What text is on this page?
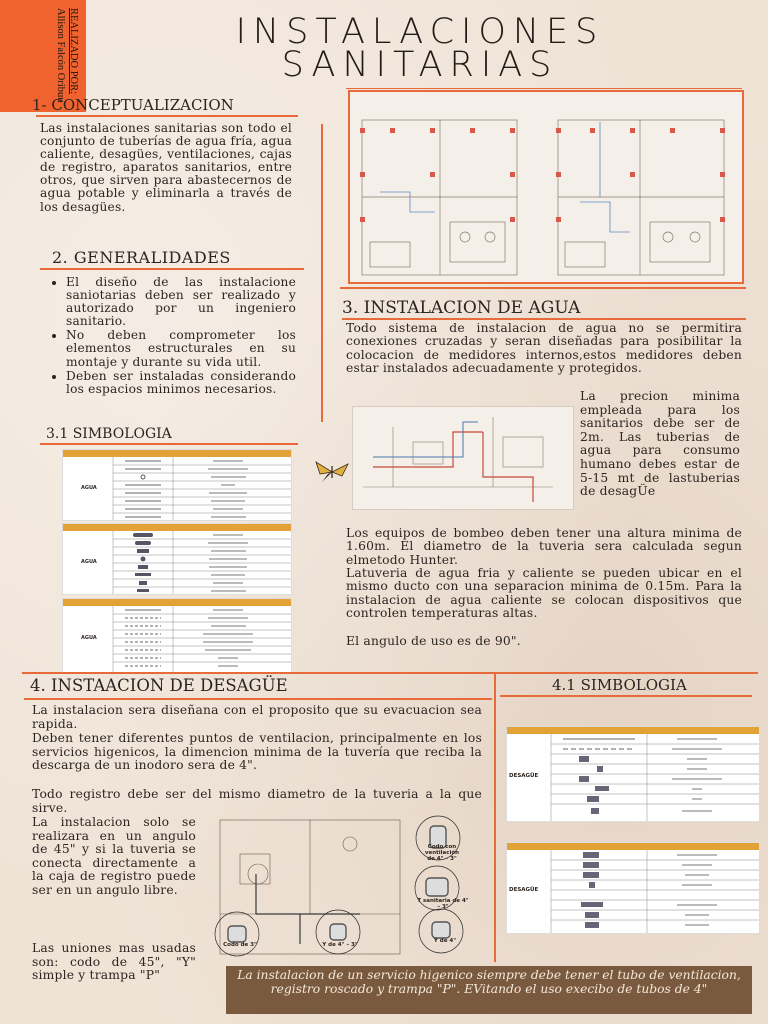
REALIZADO POR:
Allison Falcón Oribuu	INSTALACIONES
SANITARIAS
1- CONCEPTUALIZACION
Las instalaciones sanitarias son todo el conjunto de tuberías de agua fría, agua caliente, desagües, ventilaciones, cajas de registro, aparatos sanitarios, entre otros, que sirven para abastecernos de agua potable y eliminarla a través de los desagües.
2. GENERALIDADES
• El diseño de las instalacione saniotarias deben ser realizado y autorizado por un ingeniero sanitario.
• No deben comprometer los elementos estructurales en su montaje y durante su vida util.
• Deben ser instaladas considerando los espacios minimos necesarios.
3.1 SIMBOLOGIA
AGUA
AGUA
AGUA
3. INSTALACION DE AGUA
Todo sistema de instalacion de agua no se permitira conexiones cruzadas y seran diseñadas para posibilitar la colocacion de medidores internos,estos medidores deben estar instalados adecuadamente y protegidos.
La precion minima empleada para los sanitarios debe ser de 2m. Las tuberias de agua para consumo humano debes estar de 5-15 mt de lastuberias de desagÜe
Los equipos de bombeo deben tener una altura minima de 1.60m. El diametro de la tuveria sera calculada segun elmetodo Hunter.
Latuveria de agua fria y caliente se pueden ubicar en el mismo ducto con una separacion minima de 0.15m. Para la instalacion de agua caliente se colocan dispositivos que controlen temperaturas altas.
El angulo de uso es de 90".
4. INSTAACION DE DESAGÜE
La instalacion sera diseñana con el proposito que su evacuacion sea rapida.
Deben tener diferentes puntos de ventilacion, principalmente en los servicios higenicos, la dimencion minima de la tuvería que reciba la descarga de un inodoro sera de 4".
Todo registro debe ser del mismo diametro de la tuveria a la que sirve.
La instalacion solo se realizara en un angulo de 45" y si la tuveria se conecta directamente a la caja de registro puede ser en un angulo libre.
Las uniones mas usadas son: codo de 45", "Y" simple y trampa "P"
Codo con ventilación de 4" – 3"
T sanitaria de 4" – 3"
Y de 4"
Codo de 3"	Y de 4" – 3"
4.1 SIMBOLOGIA
DESAGÜE
DESAGÜE
La instalacion de un servicio higenico siempre debe tener el tubo de ventilacion, registro roscado y trampa "P". EVitando el uso execibo de tubos de 4"
